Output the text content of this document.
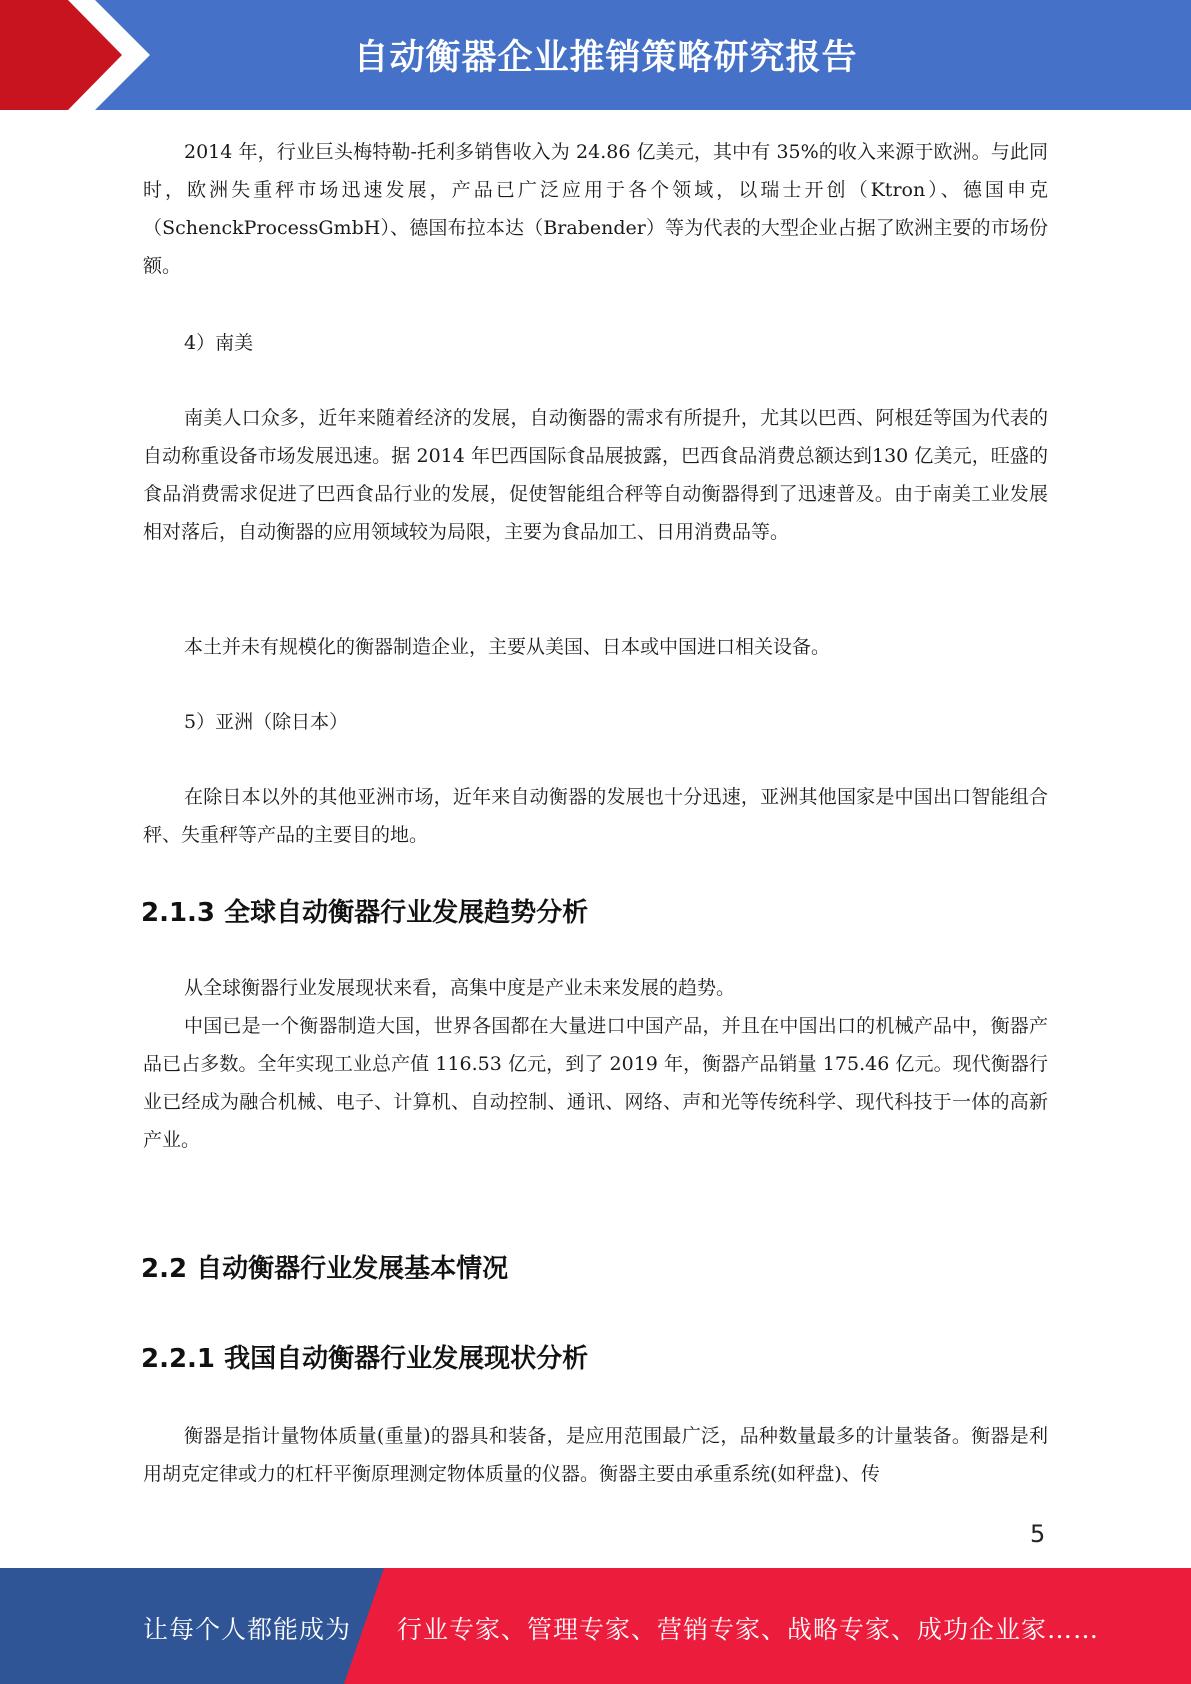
自动衡器企业推销策略研究报告

2014 年，行业巨头梅特勒-托利多销售收入为 24.86 亿美元，其中有 35%的收入来源于欧洲。与此同时，欧洲失重秤市场迅速发展，产品已广泛应用于各个领域，以瑞士开创（Ktron）、德国申克（SchenckProcessGmbH）、德国布拉本达（Brabender）等为代表的大型企业占据了欧洲主要的市场份额。

4）南美

南美人口众多，近年来随着经济的发展，自动衡器的需求有所提升，尤其以巴西、阿根廷等国为代表的自动称重设备市场发展迅速。据 2014 年巴西国际食品展披露，巴西食品消费总额达到130 亿美元，旺盛的食品消费需求促进了巴西食品行业的发展，促使智能组合秤等自动衡器得到了迅速普及。由于南美工业发展相对落后，自动衡器的应用领域较为局限，主要为食品加工、日用消费品等。

本土并未有规模化的衡器制造企业，主要从美国、日本或中国进口相关设备。

5）亚洲（除日本）

在除日本以外的其他亚洲市场，近年来自动衡器的发展也十分迅速，亚洲其他国家是中国出口智能组合秤、失重秤等产品的主要目的地。

2.1.3 全球自动衡器行业发展趋势分析

从全球衡器行业发展现状来看，高集中度是产业未来发展的趋势。

中国已是一个衡器制造大国，世界各国都在大量进口中国产品，并且在中国出口的机械产品中，衡器产品已占多数。全年实现工业总产值 116.53 亿元，到了 2019 年，衡器产品销量 175.46 亿元。现代衡器行业已经成为融合机械、电子、计算机、自动控制、通讯、网络、声和光等传统科学、现代科技于一体的高新产业。

2.2 自动衡器行业发展基本情况
2.2.1 我国自动衡器行业发展现状分析

衡器是指计量物体质量(重量)的器具和装备，是应用范围最广泛，品种数量最多的计量装备。衡器是利用胡克定律或力的杠杆平衡原理测定物体质量的仪器。衡器主要由承重系统(如秤盘)、传

5
让每个人都能成为 行业专家、管理专家、营销专家、战略专家、成功企业家……
